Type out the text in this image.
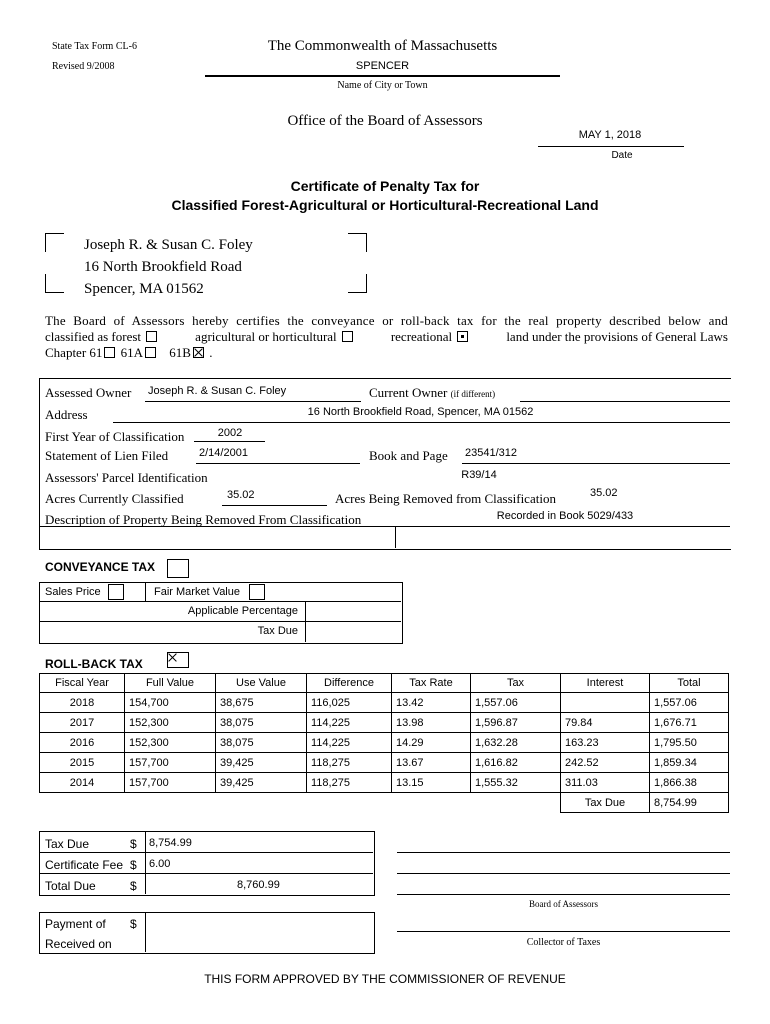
State Tax Form CL-6
Revised 9/2008
The Commonwealth of Massachusetts
SPENCER
Name of City or Town
Office of the Board of Assessors
MAY 1, 2018
Date
Certificate of Penalty Tax for
Classified Forest-Agricultural or Horticultural-Recreational Land
Joseph R. & Susan C. Foley
16 North Brookfield Road
Spencer, MA 01562
The Board of Assessors hereby certifies the conveyance or roll-back tax for the real property described below and
classified as forest	agricultural or horticultural	recreational	land under the provisions of General Laws
Chapter 61 61A 61B .
Assessed Owner Joseph R. & Susan C. Foley	Current Owner (if different)
Address	16 North Brookfield Road, Spencer, MA 01562
First Year of Classification	2002
Statement of Lien Filed	2/14/2001	Book and Page 23541/312
Assessors' Parcel Identification	R39/14
Acres Currently Classified	35.02	Acres Being Removed from Classification	35.02
Description of Property Being Removed From Classification	Recorded in Book 5029/433
CONVEYANCE TAX
Sales Price	Fair Market Value
Applicable Percentage
Tax Due
ROLL-BACK TAX
Fiscal Year	Full Value	Use Value	Difference	Tax Rate	Tax	Interest	Total
2018	154,700	38,675	116,025	13.42	1,557.06		1,557.06
2017	152,300	38,075	114,225	13.98	1,596.87	79.84	1,676.71
2016	152,300	38,075	114,225	14.29	1,632.28	163.23	1,795.50
2015	157,700	39,425	118,275	13.67	1,616.82	242.52	1,859.34
2014	157,700	39,425	118,275	13.15	1,555.32	311.03	1,866.38
						Tax Due	8,754.99
Tax Due	$ 8,754.99
Certificate Fee $ 6.00
Total Due	$	8,760.99
Payment of $
Received on
Board of Assessors
Collector of Taxes
THIS FORM APPROVED BY THE COMMISSIONER OF REVENUE
